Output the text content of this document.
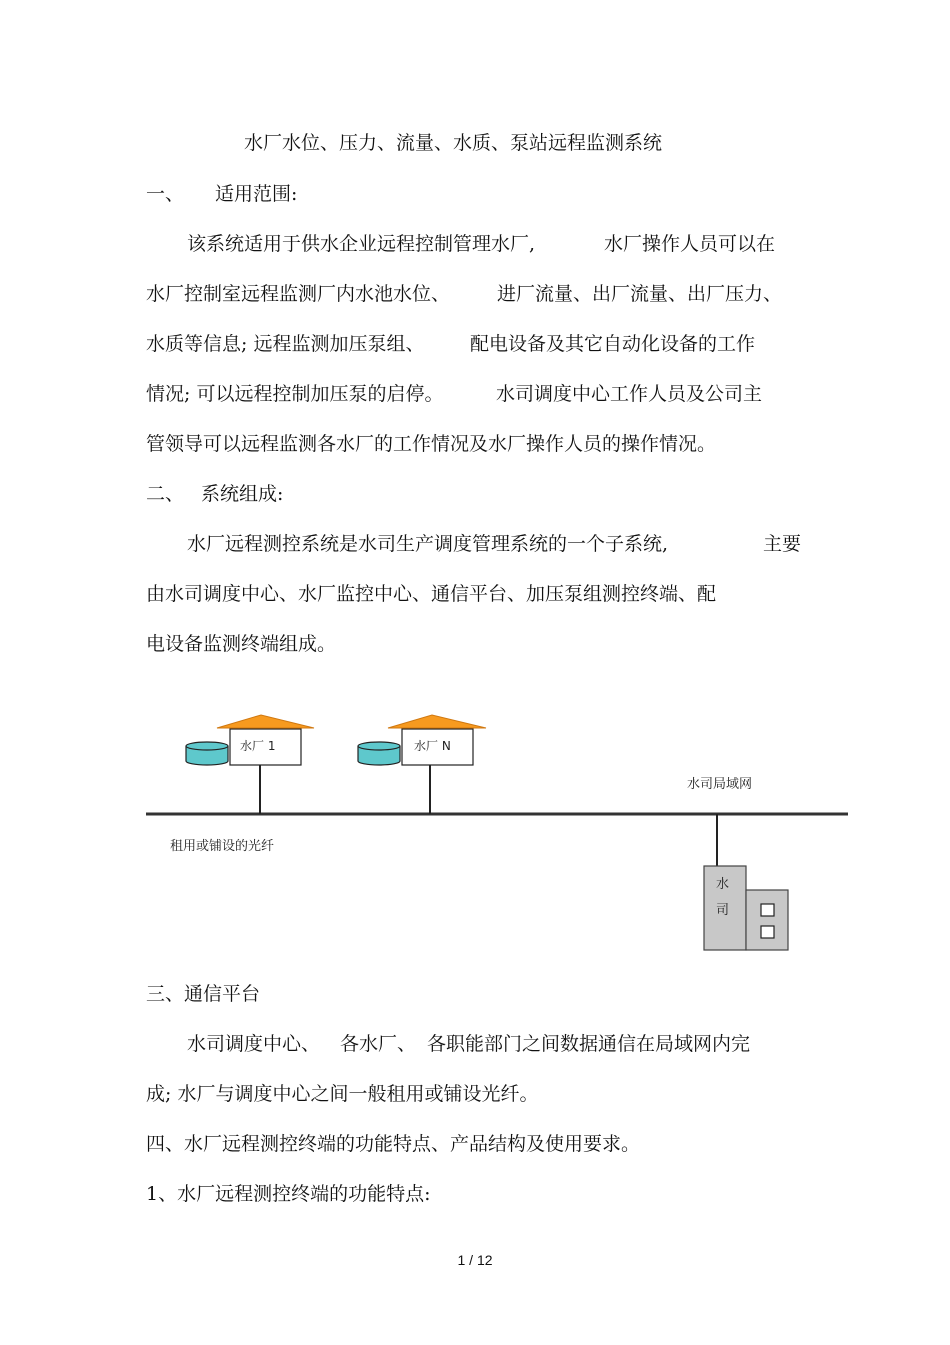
水厂水位、压力、流量、水质、泵站远程监测系统
一、 适用范围:
该系统适用于供水企业远程控制管理水厂,	水厂操作人员可以在
水厂控制室远程监测厂内水池水位、 进厂流量、出厂流量、出厂压力、
水质等信息; 远程监测加压泵组、 配电设备及其它自动化设备的工作
情况; 可以远程控制加压泵的启停。	水司调度中心工作人员及公司主
管领导可以远程监测各水厂的工作情况及水厂操作人员的操作情况。
二、 系统组成:
水厂远程测控系统是水司生产调度管理系统的一个子系统,	主要
由水司调度中心、水厂监控中心、通信平台、加压泵组测控终端、配
电设备监测终端组成。
水厂 1	水厂 N
水司局域网
租用或铺设的光纤
水
司
三、通信平台
水司调度中心、 各水厂、 各职能部门之间数据通信在局域网内完
成; 水厂与调度中心之间一般租用或铺设光纤。
四、水厂远程测控终端的功能特点、产品结构及使用要求。
1、水厂远程测控终端的功能特点:
1 / 12
